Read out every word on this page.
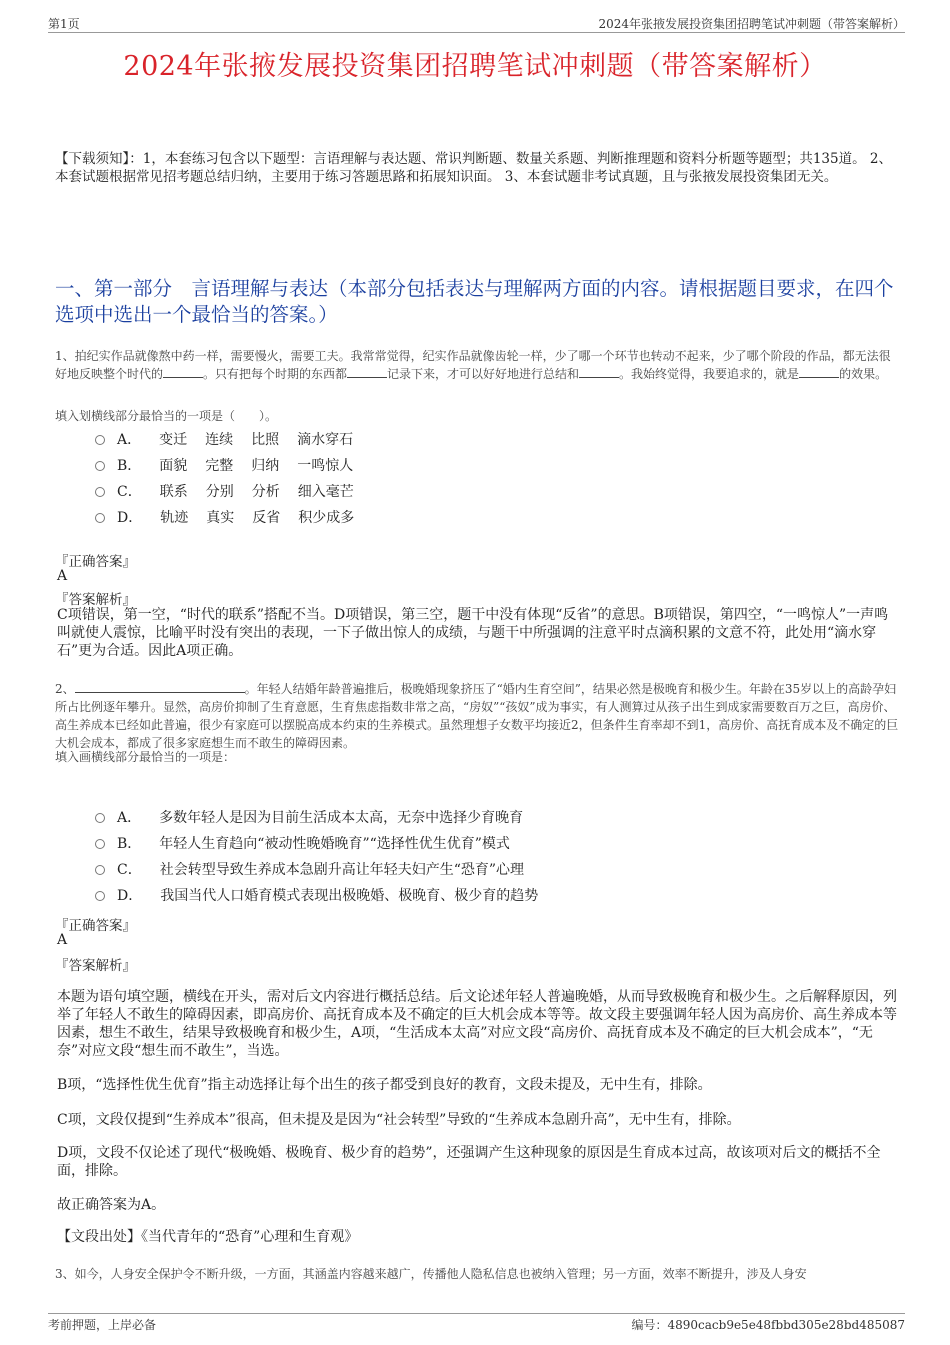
第1页	2024年张掖发展投资集团招聘笔试冲刺题（带答案解析）
2024年张掖发展投资集团招聘笔试冲刺题（带答案解析）
【下载须知】：1，本套练习包含以下题型：言语理解与表达题、常识判断题、数量关系题、判断推理题和资料分析题等题型；共135道。 2、本套试题根据常见招考题总结归纳，主要用于练习答题思路和拓展知识面。 3、本套试题非考试真题，且与张掖发展投资集团无关。
一、第一部分　言语理解与表达（本部分包括表达与理解两方面的内容。请根据题目要求，在四个选项中选出一个最恰当的答案。）
1、拍纪实作品就像熬中药一样，需要慢火，需要工夫。我常常觉得，纪实作品就像齿轮一样，少了哪一个环节也转动不起来，少了哪个阶段的作品，都无法很好地反映整个时代的	。只有把每个时期的东西都	记录下来，才可以好好地进行总结和	。我始终觉得，我要追求的，就是	的效果。
填入划横线部分最恰当的一项是（　　）。
A． 变迁 连续 比照 滴水穿石
B． 面貌 完整 归纳 一鸣惊人
C． 联系 分别 分析 细入毫芒
D． 轨迹 真实 反省 积少成多
『正确答案』
A
『答案解析』
C项错误，第一空，“时代的联系”搭配不当。D项错误，第三空，题干中没有体现“反省”的意思。B项错误，第四空，“一鸣惊人”一声鸣叫就使人震惊，比喻平时没有突出的表现，一下子做出惊人的成绩，与题干中所强调的注意平时点滴积累的文意不符，此处用“滴水穿石”更为合适。因此A项正确。
2、	。年轻人结婚年龄普遍推后，极晚婚现象挤压了“婚内生育空间”，结果必然是极晚育和极少生。年龄在35岁以上的高龄孕妇所占比例逐年攀升。显然，高房价抑制了生育意愿，生育焦虑指数非常之高，“房奴”“孩奴”成为事实，有人测算过从孩子出生到成家需要数百万之巨，高房价、高生养成本已经如此普遍，很少有家庭可以摆脱高成本约束的生养模式。虽然理想子女数平均接近2，但条件生育率却不到1，高房价、高抚育成本及不确定的巨大机会成本，都成了很多家庭想生而不敢生的障碍因素。
填入画横线部分最恰当的一项是：
A． 多数年轻人是因为目前生活成本太高，无奈中选择少育晚育
B． 年轻人生育趋向“被动性晚婚晚育”“选择性优生优育”模式
C． 社会转型导致生养成本急剧升高让年轻夫妇产生“恐育”心理
D． 我国当代人口婚育模式表现出极晚婚、极晚育、极少育的趋势
『正确答案』
A
『答案解析』
本题为语句填空题，横线在开头，需对后文内容进行概括总结。后文论述年轻人普遍晚婚，从而导致极晚育和极少生。之后解释原因，列举了年轻人不敢生的障碍因素，即高房价、高抚育成本及不确定的巨大机会成本等等。故文段主要强调年轻人因为高房价、高生养成本等因素，想生不敢生，结果导致极晚育和极少生，A项，“生活成本太高”对应文段“高房价、高抚育成本及不确定的巨大机会成本”，“无奈”对应文段“想生而不敢生”，当选。
B项，“选择性优生优育”指主动选择让每个出生的孩子都受到良好的教育，文段未提及，无中生有，排除。
C项，文段仅提到“生养成本”很高，但未提及是因为“社会转型”导致的“生养成本急剧升高”，无中生有，排除。
D项，文段不仅论述了现代“极晚婚、极晚育、极少育的趋势”，还强调产生这种现象的原因是生育成本过高，故该项对后文的概括不全面，排除。
故正确答案为A。
【文段出处】《当代青年的“恐育”心理和生育观》
3、如今，人身安全保护令不断升级，一方面，其涵盖内容越来越广，传播他人隐私信息也被纳入管理；另一方面，效率不断提升，涉及人身安
考前押题，上岸必备	编号：4890cacb9e5e48fbbd305e28bd485087
